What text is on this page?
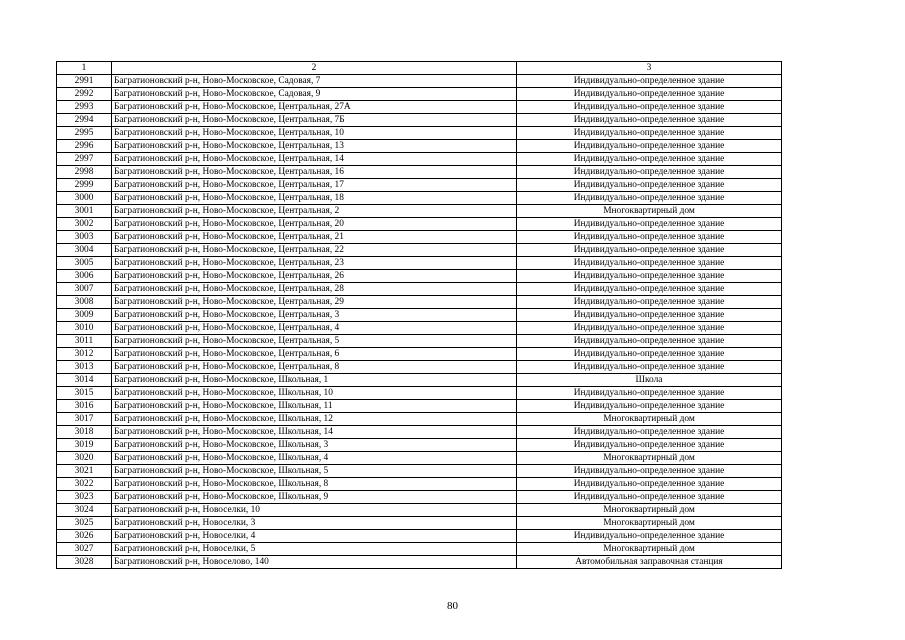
1	2	3
2991	Багратионовский р-н, Ново-Московское, Садовая, 7	Индивидуально-определенное здание
2992	Багратионовский р-н, Ново-Московское, Садовая, 9	Индивидуально-определенное здание
2993	Багратионовский р-н, Ново-Московское, Центральная, 27А	Индивидуально-определенное здание
2994	Багратионовский р-н, Ново-Московское, Центральная, 7Б	Индивидуально-определенное здание
2995	Багратионовский р-н, Ново-Московское, Центральная, 10	Индивидуально-определенное здание
2996	Багратионовский р-н, Ново-Московское, Центральная, 13	Индивидуально-определенное здание
2997	Багратионовский р-н, Ново-Московское, Центральная, 14	Индивидуально-определенное здание
2998	Багратионовский р-н, Ново-Московское, Центральная, 16	Индивидуально-определенное здание
2999	Багратионовский р-н, Ново-Московское, Центральная, 17	Индивидуально-определенное здание
3000	Багратионовский р-н, Ново-Московское, Центральная, 18	Индивидуально-определенное здание
3001	Багратионовский р-н, Ново-Московское, Центральная, 2	Многоквартирный дом
3002	Багратионовский р-н, Ново-Московское, Центральная, 20	Индивидуально-определенное здание
3003	Багратионовский р-н, Ново-Московское, Центральная, 21	Индивидуально-определенное здание
3004	Багратионовский р-н, Ново-Московское, Центральная, 22	Индивидуально-определенное здание
3005	Багратионовский р-н, Ново-Московское, Центральная, 23	Индивидуально-определенное здание
3006	Багратионовский р-н, Ново-Московское, Центральная, 26	Индивидуально-определенное здание
3007	Багратионовский р-н, Ново-Московское, Центральная, 28	Индивидуально-определенное здание
3008	Багратионовский р-н, Ново-Московское, Центральная, 29	Индивидуально-определенное здание
3009	Багратионовский р-н, Ново-Московское, Центральная, 3	Индивидуально-определенное здание
3010	Багратионовский р-н, Ново-Московское, Центральная, 4	Индивидуально-определенное здание
3011	Багратионовский р-н, Ново-Московское, Центральная, 5	Индивидуально-определенное здание
3012	Багратионовский р-н, Ново-Московское, Центральная, 6	Индивидуально-определенное здание
3013	Багратионовский р-н, Ново-Московское, Центральная, 8	Индивидуально-определенное здание
3014	Багратионовский р-н, Ново-Московское, Школьная, 1	Школа
3015	Багратионовский р-н, Ново-Московское, Школьная, 10	Индивидуально-определенное здание
3016	Багратионовский р-н, Ново-Московское, Школьная, 11	Индивидуально-определенное здание
3017	Багратионовский р-н, Ново-Московское, Школьная, 12	Многоквартирный дом
3018	Багратионовский р-н, Ново-Московское, Школьная, 14	Индивидуально-определенное здание
3019	Багратионовский р-н, Ново-Московское, Школьная, 3	Индивидуально-определенное здание
3020	Багратионовский р-н, Ново-Московское, Школьная, 4	Многоквартирный дом
3021	Багратионовский р-н, Ново-Московское, Школьная, 5	Индивидуально-определенное здание
3022	Багратионовский р-н, Ново-Московское, Школьная, 8	Индивидуально-определенное здание
3023	Багратионовский р-н, Ново-Московское, Школьная, 9	Индивидуально-определенное здание
3024	Багратионовский р-н, Новоселки, 10	Многоквартирный дом
3025	Багратионовский р-н, Новоселки, 3	Многоквартирный дом
3026	Багратионовский р-н, Новоселки, 4	Индивидуально-определенное здание
3027	Багратионовский р-н, Новоселки, 5	Многоквартирный дом
3028	Багратионовский р-н, Новоселово, 140	Автомобильная заправочная станция
80
